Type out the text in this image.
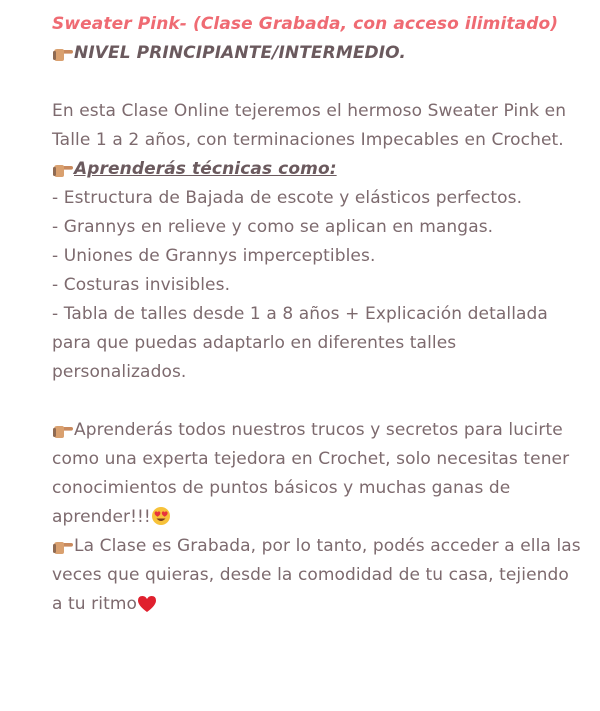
Sweater Pink- (Clase Grabada, con acceso ilimitado)

NIVEL PRINCIPIANTE/INTERMEDIO.

En esta Clase Online tejeremos el hermoso Sweater Pink en Talle 1 a 2 años, con terminaciones Impecables en Crochet.

Aprenderás técnicas como:

- Estructura de Bajada de escote y elásticos perfectos.

- Grannys en relieve y como se aplican en mangas.

- Uniones de Grannys imperceptibles.

- Costuras invisibles.

- Tabla de talles desde 1 a 8 años + Explicación detallada para que puedas adaptarlo en diferentes talles personalizados.

Aprenderás todos nuestros trucos y secretos para lucirte como una experta tejedora en Crochet, solo necesitas tener conocimientos de puntos básicos y muchas ganas de aprender!!!

La Clase es Grabada, por lo tanto, podés acceder a ella las veces que quieras, desde la comodidad de tu casa, tejiendo a tu ritmo
